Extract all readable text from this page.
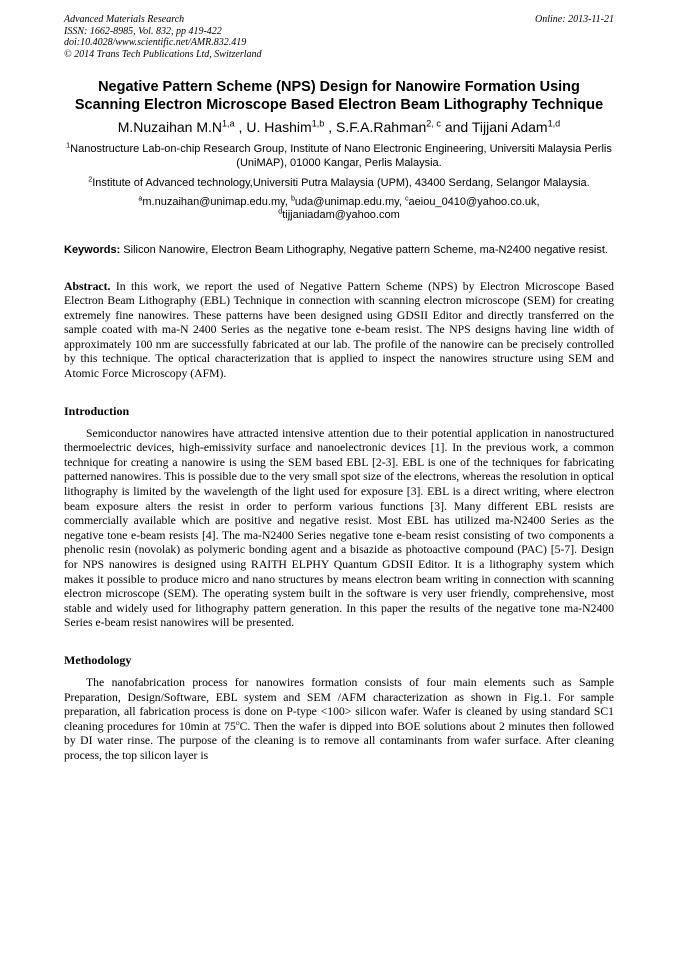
Advanced Materials Research
ISSN: 1662-8985, Vol. 832, pp 419-422
doi:10.4028/www.scientific.net/AMR.832.419
© 2014 Trans Tech Publications Ltd, Switzerland
Online: 2013-11-21
Negative Pattern Scheme (NPS) Design for Nanowire Formation Using Scanning Electron Microscope Based Electron Beam Lithography Technique
M.Nuzaihan $M.N^{1,a}$ , U. Hashim$^{1,b}$ , S.F.A.Rahman$^{2, c}$ and Tijjani Adam$^{1,d}$
$^1$Nanostructure Lab-on-chip Research Group, Institute of Nano Electronic Engineering, Universiti Malaysia Perlis (UniMAP), 01000 Kangar, Perlis Malaysia.
$^2$Institute of Advanced technology,Universiti Putra Malaysia (UPM), 43400 Serdang, Selangor Malaysia.
$^a$m.nuzaihan@unimap.edu.my, $^b$uda@unimap.edu.my, $^c$aeiou_0410@yahoo.co.uk,
$^d$tijjaniadam@yahoo.com
Keywords: Silicon Nanowire, Electron Beam Lithography, Negative pattern Scheme, ma-N2400 negative resist.
Abstract. In this work, we report the used of Negative Pattern Scheme (NPS) by Electron Microscope Based Electron Beam Lithography (EBL) Technique in connection with scanning electron microscope (SEM) for creating extremely fine nanowires. These patterns have been designed using GDSII Editor and directly transferred on the sample coated with ma-N 2400 Series as the negative tone e-beam resist. The NPS designs having line width of approximately 100 nm are successfully fabricated at our lab. The profile of the nanowire can be precisely controlled by this technique. The optical characterization that is applied to inspect the nanowires structure using SEM and Atomic Force Microscopy (AFM).
Introduction
Semiconductor nanowires have attracted intensive attention due to their potential application in nanostructured thermoelectric devices, high-emissivity surface and nanoelectronic devices [1]. In the previous work, a common technique for creating a nanowire is using the SEM based EBL [2-3]. EBL is one of the techniques for fabricating patterned nanowires. This is possible due to the very small spot size of the electrons, whereas the resolution in optical lithography is limited by the wavelength of the light used for exposure [3]. EBL is a direct writing, where electron beam exposure alters the resist in order to perform various functions [3]. Many different EBL resists are commercially available which are positive and negative resist. Most EBL has utilized ma-N2400 Series as the negative tone e-beam resists [4]. The ma-N2400 Series negative tone e-beam resist consisting of two components a phenolic resin (novolak) as polymeric bonding agent and a bisazide as photoactive compound (PAC) [5-7]. Design for NPS nanowires is designed using RAITH ELPHY Quantum GDSII Editor. It is a lithography system which makes it possible to produce micro and nano structures by means electron beam writing in connection with scanning electron microscope (SEM). The operating system built in the software is very user friendly, comprehensive, most stable and widely used for lithography pattern generation. In this paper the results of the negative tone ma-N2400 Series e-beam resist nanowires will be presented.
Methodology
The nanofabrication process for nanowires formation consists of four main elements such as Sample Preparation, Design/Software, EBL system and SEM /AFM characterization as shown in Fig.1. For sample preparation, all fabrication process is done on P-type <100> silicon wafer. Wafer is cleaned by using standard SC1 cleaning procedures for 10min at 75$^o$C. Then the wafer is dipped into BOE solutions about 2 minutes then followed by DI water rinse. The purpose of the cleaning is to remove all contaminants from wafer surface. After cleaning process, the top silicon layer is
